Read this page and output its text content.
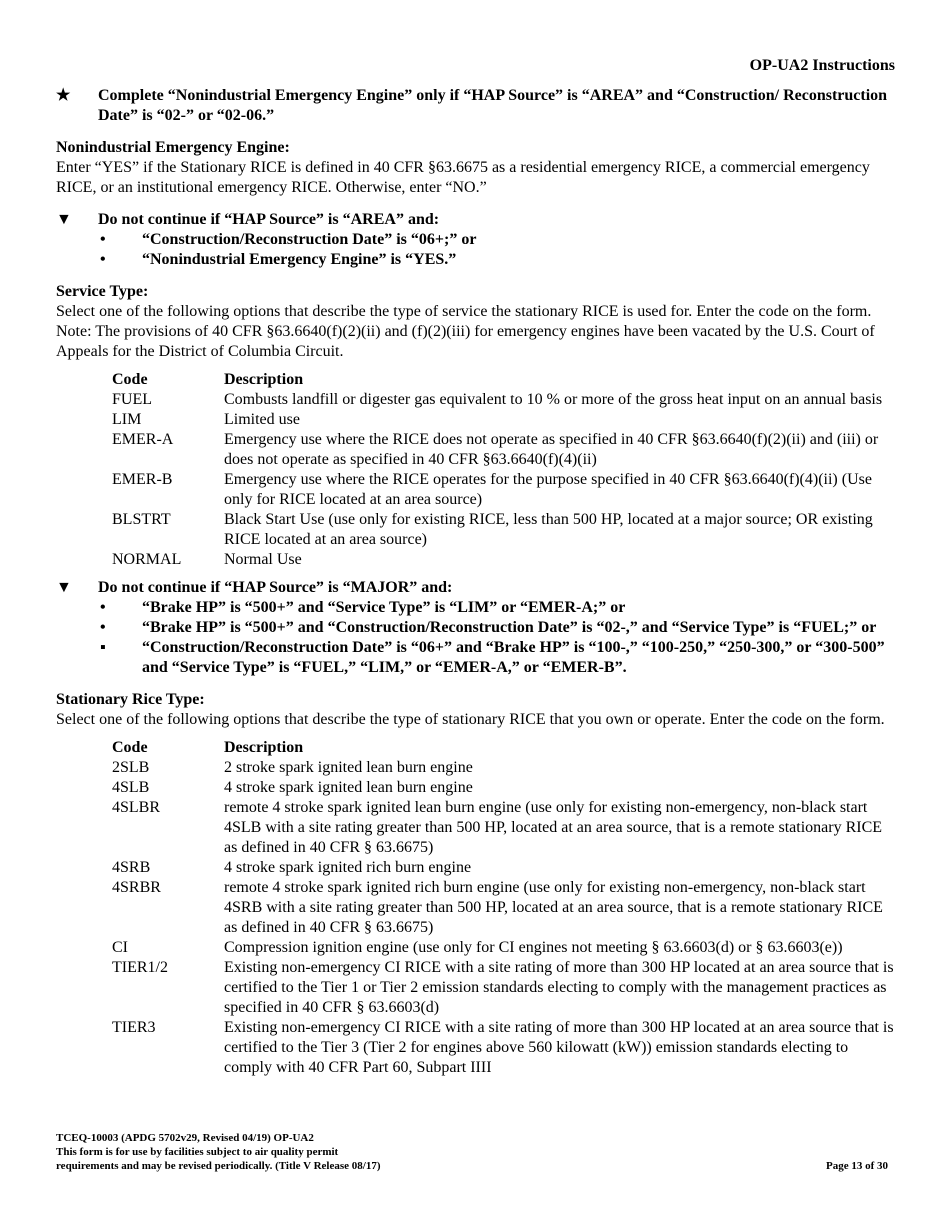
OP-UA2 Instructions
★	Complete “Nonindustrial Emergency Engine” only if “HAP Source” is “AREA” and “Construction/ Reconstruction Date” is “02-” or “02-06.”
Nonindustrial Emergency Engine:
Enter “YES” if the Stationary RICE is defined in 40 CFR §63.6675 as a residential emergency RICE, a commercial emergency RICE, or an institutional emergency RICE. Otherwise, enter “NO.”
▼ Do not continue if “HAP Source” is “AREA” and:
• “Construction/Reconstruction Date” is “06+;” or
• “Nonindustrial Emergency Engine” is “YES.”
Service Type:
Select one of the following options that describe the type of service the stationary RICE is used for. Enter the code on the form. Note: The provisions of 40 CFR §63.6640(f)(2)(ii) and (f)(2)(iii) for emergency engines have been vacated by the U.S. Court of Appeals for the District of Columbia Circuit.
Code	Description
FUEL	Combusts landfill or digester gas equivalent to 10 % or more of the gross heat input on an annual basis
LIM	Limited use
EMER-A	Emergency use where the RICE does not operate as specified in 40 CFR §63.6640(f)(2)(ii) and (iii) or does not operate as specified in 40 CFR §63.6640(f)(4)(ii)
EMER-B	Emergency use where the RICE operates for the purpose specified in 40 CFR §63.6640(f)(4)(ii) (Use only for RICE located at an area source)
BLSTRT	Black Start Use (use only for existing RICE, less than 500 HP, located at a major source; OR existing RICE located at an area source)
NORMAL	Normal Use
▼ Do not continue if “HAP Source” is “MAJOR” and:
• “Brake HP” is “500+” and “Service Type” is “LIM” or “EMER-A;” or
• “Brake HP” is “500+” and “Construction/Reconstruction Date” is “02-,” and “Service Type” is “FUEL;” or
▪ “Construction/Reconstruction Date” is “06+” and “Brake HP” is “100-,” “100-250,” “250-300,” or “300-500” and “Service Type” is “FUEL,” “LIM,” or “EMER-A,” or “EMER-B”.
Stationary Rice Type:
Select one of the following options that describe the type of stationary RICE that you own or operate. Enter the code on the form.
Code	Description
2SLB	2 stroke spark ignited lean burn engine
4SLB	4 stroke spark ignited lean burn engine
4SLBR	remote 4 stroke spark ignited lean burn engine (use only for existing non-emergency, non-black start 4SLB with a site rating greater than 500 HP, located at an area source, that is a remote stationary RICE as defined in 40 CFR § 63.6675)
4SRB	4 stroke spark ignited rich burn engine
4SRBR	remote 4 stroke spark ignited rich burn engine (use only for existing non-emergency, non-black start 4SRB with a site rating greater than 500 HP, located at an area source, that is a remote stationary RICE as defined in 40 CFR § 63.6675)
CI	Compression ignition engine (use only for CI engines not meeting § 63.6603(d) or § 63.6603(e))
TIER1/2	Existing non-emergency CI RICE with a site rating of more than 300 HP located at an area source that is certified to the Tier 1 or Tier 2 emission standards electing to comply with the management practices as specified in 40 CFR § 63.6603(d)
TIER3	Existing non-emergency CI RICE with a site rating of more than 300 HP located at an area source that is certified to the Tier 3 (Tier 2 for engines above 560 kilowatt (kW)) emission standards electing to comply with 40 CFR Part 60, Subpart IIII
TCEQ-10003 (APDG 5702v29, Revised 04/19) OP-UA2
This form is for use by facilities subject to air quality permit
requirements and may be revised periodically. (Title V Release 08/17)	Page 13 of 30
